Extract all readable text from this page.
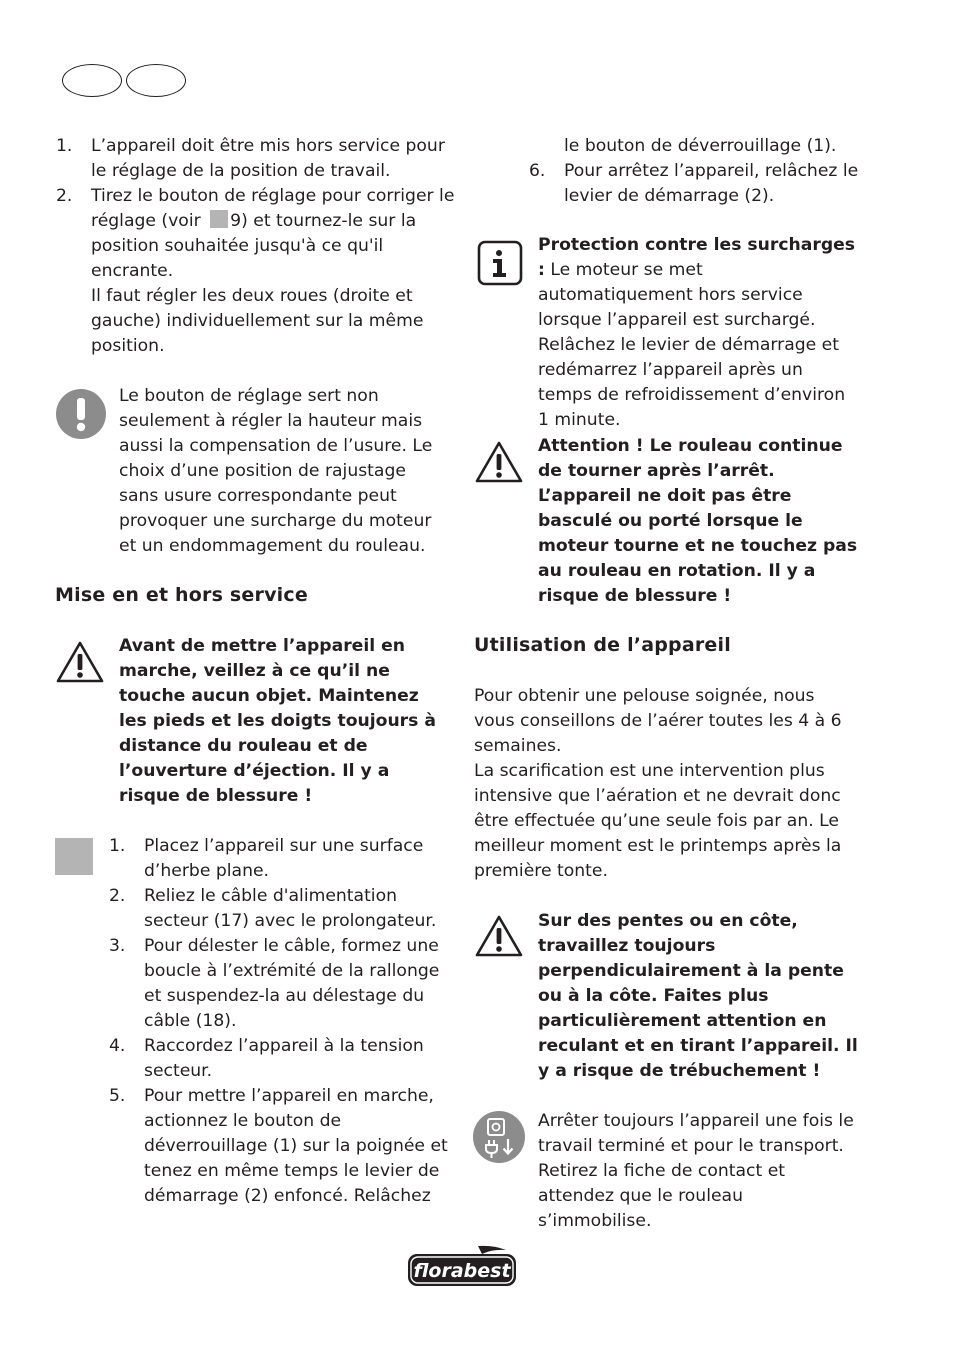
1. L’appareil doit être mis hors service pour le réglage de la position de travail.
2. Tirez le bouton de réglage pour corriger le réglage (voir 9) et tournez-le sur la position souhaitée jusqu'à ce qu'il encrante.
Il faut régler les deux roues (droite et gauche) individuellement sur la même position.
Le bouton de réglage sert non seulement à régler la hauteur mais aussi la compensation de l’usure. Le choix d’une position de rajustage sans usure correspondante peut provoquer une surcharge du moteur et un endommagement du rouleau.
Mise en et hors service
Avant de mettre l’appareil en marche, veillez à ce qu’il ne touche aucun objet. Maintenez les pieds et les doigts toujours à distance du rouleau et de l’ouverture d’éjection. Il y a risque de blessure !
1. Placez l’appareil sur une surface d’herbe plane.
2. Reliez le câble d'alimentation secteur (17) avec le prolongateur.
3. Pour délester le câble, formez une boucle à l’extrémité de la rallonge et suspendez-la au délestage du câble (18).
4. Raccordez l’appareil à la tension secteur.
5. Pour mettre l’appareil en marche, actionnez le bouton de déverrouillage (1) sur la poignée et tenez en même temps le levier de démarrage (2) enfoncé. Relâchez
le bouton de déverrouillage (1).
6. Pour arrêtez l’appareil, relâchez le levier de démarrage (2).
Protection contre les surcharges : Le moteur se met automatiquement hors service lorsque l’appareil est surchargé. Relâchez le levier de démarrage et redémarrez l’appareil après un temps de refroidissement d’environ 1 minute.
Attention ! Le rouleau continue de tourner après l’arrêt. L’appareil ne doit pas être basculé ou porté lorsque le moteur tourne et ne touchez pas au rouleau en rotation. Il y a risque de blessure !
Utilisation de l’appareil
Pour obtenir une pelouse soignée, nous vous conseillons de l’aérer toutes les 4 à 6 semaines.
La scarification est une intervention plus intensive que l’aération et ne devrait donc être effectuée qu’une seule fois par an. Le meilleur moment est le printemps après la première tonte.
Sur des pentes ou en côte, travaillez toujours perpendiculairement à la pente ou à la côte. Faites plus particulièrement attention en reculant et en tirant l’appareil. Il y a risque de trébuchement !
Arrêter toujours l’appareil une fois le travail terminé et pour le transport. Retirez la fiche de contact et attendez que le rouleau s’immobilise.
florabest
